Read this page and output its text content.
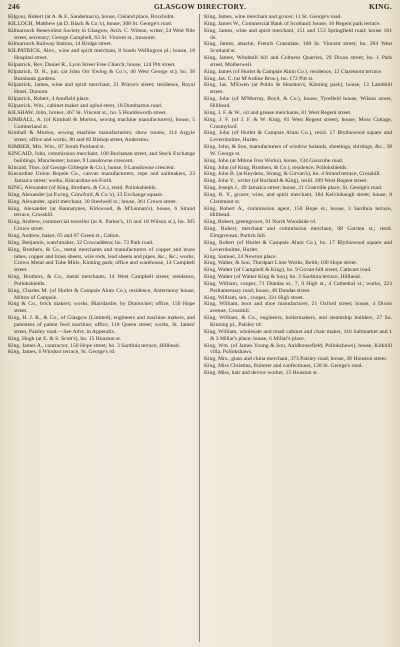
246	GLASGOW DIRECTORY.	KING.

Kilgour, Robert (at A. & E. Sandeman's), house, Cleland place, Broxholm.

KILLOCH, Matthew (at D. Black & Co.'s), house, 308 St. George's road.

Kilmarnock Benevolent Society in Glasgow, Arch. C. Wilson, writer, 54 West Nile street, secretary; George Campbell, 63 St. Vincent st., treasurer.

Kilmarnock Railway Station, 14 Bridge street.

KILPATRICK, Alex., wine and spirit merchant, 8 South Wellington pl.; house, 18 Hospital street.

Kilpatrick, Rev. Daniel R., Lyon Street Free Church; house, 124 Pitt street.

Kilpatrick, D. R., jun. (at John Orr Ewing & Co.'s, 46 West George st.), ho. 38 Burnbank gardens.

Kilpatrick, James, wine and spirit merchant, 21 Prince's street; residence, Royal Hotel, Dunoon.

Kilpatrick, Robert, 4 Annfield place.

Kilpatrick, Wm., cabinet maker and uphol-terer, 18 Dumbarton road.

KILSHAW, John, broker, 367 St. Vincent st.; ho. 5 Houldsworth street.

KIMBALL, A. (of Kimball & Morton, sewing machine manufacturers), house, 5 Cumberland st.

Kimball & Morton, sewing machine manufacturers; show rooms, 114 Argyle street; office and works, 80 and 82 Bishop street, Anderston.

KIMBER, Mrs. Wm., 87 South Portland st.

KINCAID, John, commission merchant, 100 Buchanan street, and Stock Exchange buildings, Manchester; house, 9 Lansdowne crescent.

Kincaid, Thos. (of George Gillespie & Co.), house, 9 Lansdowne crescent.

Kincardine Union Ropeie Co., canvas manufacturers, rope and sailmakers, 23 Jamaica street; works, Kincardine-on-Forth.

KING, Alexander (of King, Brothers, & Co.), resid. Pollokshields.

King, Alexander (at Ewing, Crawford, & Co.'s), 23 Exchange square.

King, Alexander, spirit merchant, 30 Steelwell st.; house, 361 Crown street.

King, Alexander (at Bannatynes, Kirkwood, & M'Lennan's), house, 6 Strand terrace, Crosshill.

King, Andrew, commercial traveller (at A. Parker's, 16 and 18 Wilson st.), ho. 305 Crown street.

King, Andrew, baker, 65 and 67 Green st., Calton.

King, Benjamin, watchmaker, 32 Cowcaddens; ho. 73 Park road.

King, Brothers, & Co., metal merchants and manufacturers of copper and brass tubes, copper and brass sheets, wire rods, lead sheets and pipes, &c., &c.; works, Crown Metal and Tube Mills, Kinning park; office and warehouse, 14 Campbell street.

King, Brothers, & Co., metal merchants, 14 West Campbell street; residence, Pollokshields.

King, Charles M. (of Hurlet & Campsie Alum Co.), residence, Antermony house, Milton of Campsie.

King & Co., brick makers; works, Blairdardie, by Duntocher; office, 150 Hope street.

King, H. J. R., & Co., of Glasgow (Limited), engineers and machine makers, and patentees of patent feed machine; office, 118 Queen street; works, St. James' street, Paisley road.—See Advt. in Appendix.

King, Hugh (at E. & S. Scott's), ho. 15 Houston st.

King, James A., contractor, 150 Hope street; ho. 3 Sardinia terrace, Hillhead.

King, James, 6 Windsor terrace, St. George's rd.

King, James, wine merchant and grocer, 11 St. George's road.

King, James W., Commercial Bank of Scotland; house, 16 Regent park terrace.

King, James, wine and spirit merchant, 151 and 153 Springfield road; house 161 do.

King, James, attaché, French Consulate, 168 St. Vincent street; ho. 284 West Scotland st.

King, James, Windmill hill and Coltness Quarries, 29 Dixon street; ho. 1 Park street, Motherwell.

King, James (of Hurlet & Campsie Alum Co.), residence, 12 Claremont terrace.

King, Jas. C. (at M'Ardine Bros.), ho. 172 Pitt st.

King, Jas. M'Ewen (at Pobin & Houston's, Kinning park), house, 13 Lambhill street.

King, John (of M'Murray, Boyd, & Co.), house, Tyrefield house, Wilson street, Hillhead.

King, J. F. & W., oil and grease merchants, 81 West Regent street.

King, J. F. (of J. F. & W. King, 81 West Regent street), house, Moss Cottage, Crosmyloof.

King, John (of Hurlet & Campsie Alum Co.), resid. 17 Blythswood square and Levernholme, Hurlet.

King, John, & Son, manufacturers of window bolands, sheetings, shirtings, &c., 38 W. George st.

King, John (at Milton Iron Works), house, 134 Garscube road.

King, John (of King, Brothers, & Co.), residence, Pollokshields.

King, John B. (at Keydens, Strang, & Girvan's), ho. 4 Strand terrace, Crosshill.

King, John Y., writer (of Borland & King), resid. 189 West Regent street.

King, Joseph J., 49 Jamaica street; house, 21 Granville place, St. George's road.

King, R. Y., grocer, wine, and spirit merchant, 184 Kelvinhaugh street; house, 8 Claremont st.

King, Robert A., commission agent, 150 Hope st.; house, 3 Sardinia terrace, Hillhead.

King, Robert, greengrocer, 91 North Woodside rd.

King, Robert, merchant and commission merchant, 68 Gordon st.; resid. Elmgrovean, Partick hill.

King, Robert (of Hurlet & Campsie Alum Co.), ho. 17 Blythswood square and Levernholme, Hurlet.

King, Samuel, 24 Newton place.

King, Walter, & Son, Thirdpart Lime Works, Beith; 100 Hope street.

King, Walter (of Campbell & King), ho. 9 Govan-hill street, Cathcart road.

King, Walter (of Walter King & Son), ho. 3 Sardinia terrace, Hillhead.

King, William, cooper, 71 Dundas st., 7, 9 High st., 4 Cathedral st.; works, 223 Parliamentary road; house, 48 Dundas street.

King, William, sen., cooper, 331 High street.

King, William, boot and shoe manufacturer, 21 Oxford street; house, 4 Dixon avenue, Crosshill.

King, William, & Co., engineers, boilermakers, and steamship builders, 27 So. Kinning pl., Paisley rd.

King, William, wholesale and retail cabinet and chair maker, 116 Saltmarket and 1 & 3 Millar's place; house, 6 Millar's place.

King, Wm. (of James Young & Son, Auldhousefield, Pollokshaws), house, Kirkhill villa, Pollokshaws.

King, Mrs., glass and china merchant, 373 Paisley road; house, 36 Houston street.

King, Miss Christina, fruiterer and confectioner, 128 St. George's road.

King, Miss, hair and device worker, 15 Houston st.
